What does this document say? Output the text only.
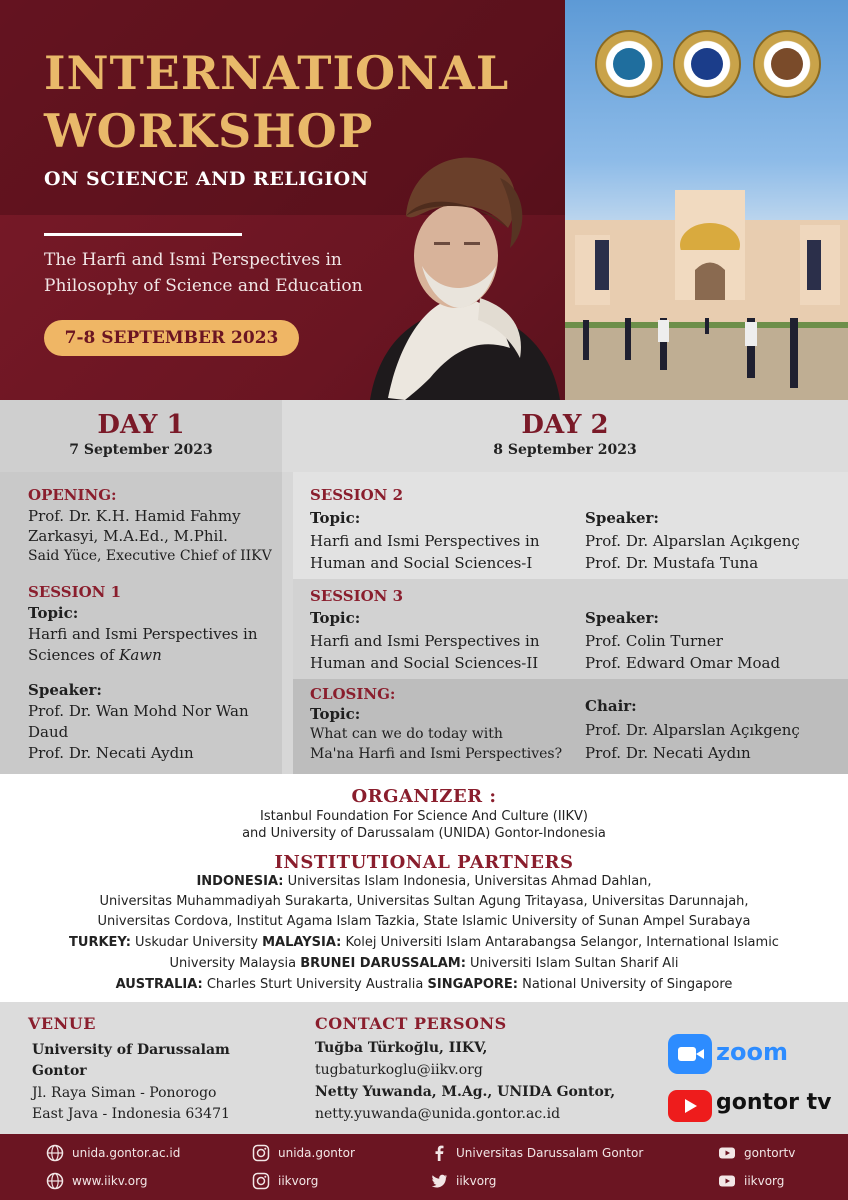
INTERNATIONAL
WORKSHOP
ON SCIENCE AND RELIGION
The Harfi and Ismi Perspectives in
Philosophy of Science and Education
7-8 SEPTEMBER 2023
DAY 1
7 September 2023
DAY 2
8 September 2023
OPENING:
Prof. Dr. K.H. Hamid Fahmy
Zarkasyi, M.A.Ed., M.Phil.
Said Yüce, Executive Chief of IIKV
SESSION 1
Topic:
Harfi and Ismi Perspectives in
Sciences of Kawn
Speaker:
Prof. Dr. Wan Mohd Nor Wan
Daud
Prof. Dr. Necati Aydın
SESSION 2
Topic:
Harfi and Ismi Perspectives in
Human and Social Sciences-I
Speaker:
Prof. Dr. Alparslan Açıkgenç
Prof. Dr. Mustafa Tuna
SESSION 3
Topic:
Harfi and Ismi Perspectives in
Human and Social Sciences-II
Speaker:
Prof. Colin Turner
Prof. Edward Omar Moad
CLOSING:
Topic:
What can we do today with
Ma'na Harfi and Ismi Perspectives?
Chair:
Prof. Dr. Alparslan Açıkgenç
Prof. Dr. Necati Aydın
ORGANIZER :
Istanbul Foundation For Science And Culture (IIKV)
and University of Darussalam (UNIDA) Gontor-Indonesia
INSTITUTIONAL PARTNERS
INDONESIA: Universitas Islam Indonesia, Universitas Ahmad Dahlan,
Universitas Muhammadiyah Surakarta, Universitas Sultan Agung Tritayasa, Universitas Darunnajah,
Universitas Cordova, Institut Agama Islam Tazkia, State Islamic University of Sunan Ampel Surabaya
TURKEY: Uskudar University MALAYSIA: Kolej Universiti Islam Antarabangsa Selangor, International Islamic
University Malaysia BRUNEI DARUSSALAM: Universiti Islam Sultan Sharif Ali
AUSTRALIA: Charles Sturt University Australia SINGAPORE: National University of Singapore
VENUE
University of Darussalam
Gontor
Jl. Raya Siman - Ponorogo
East Java - Indonesia 63471
CONTACT PERSONS
Tuğba Türkoğlu, IIKV,
tugbaturkoglu@iikv.org
Netty Yuwanda, M.Ag., UNIDA Gontor,
netty.yuwanda@unida.gontor.ac.id
zoom
gontor tv
unida.gontor.ac.id
www.iikv.org
unida.gontor
iikvorg
Universitas Darussalam Gontor
iikvorg
gontortv
iikvorg
